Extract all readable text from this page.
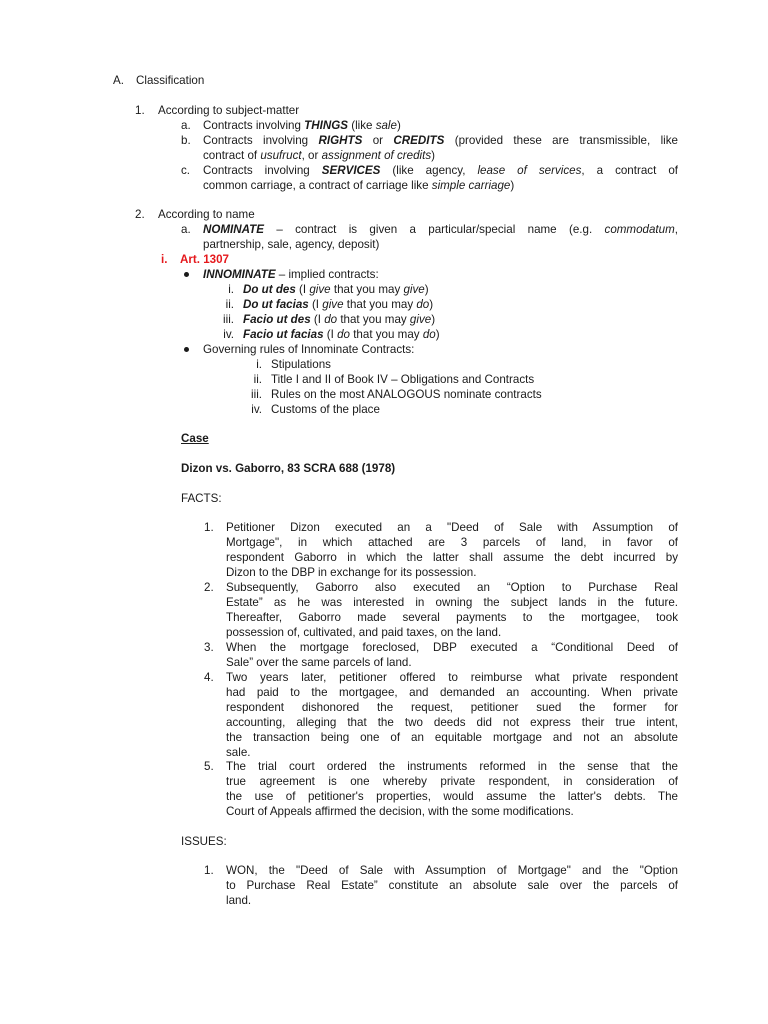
A. Classification
1. According to subject-matter
a. Contracts involving THINGS (like sale)
b. Contracts involving RIGHTS or CREDITS (provided these are transmissible, like
contract of usufruct, or assignment of credits)
c. Contracts involving SERVICES (like agency, lease of services, a contract of
common carriage, a contract of carriage like simple carriage)
2. According to name
a. NOMINATE – contract is given a particular/special name (e.g. commodatum,
partnership, sale, agency, deposit)
i. Art. 1307
INNOMINATE – implied contracts:
i. Do ut des (I give that you may give)
ii. Do ut facias (I give that you may do)
iii. Facio ut des (I do that you may give)
iv. Facio ut facias (I do that you may do)
Governing rules of Innominate Contracts:
i. Stipulations
ii. Title I and II of Book IV – Obligations and Contracts
iii. Rules on the most ANALOGOUS nominate contracts
iv. Customs of the place
Case
Dizon vs. Gaborro, 83 SCRA 688 (1978)
FACTS:
1. Petitioner Dizon executed an a "Deed of Sale with Assumption of
Mortgage", in which attached are 3 parcels of land, in favor of
respondent Gaborro in which the latter shall assume the debt incurred by
Dizon to the DBP in exchange for its possession.
2. Subsequently, Gaborro also executed an “Option to Purchase Real
Estate” as he was interested in owning the subject lands in the future.
Thereafter, Gaborro made several payments to the mortgagee, took
possession of, cultivated, and paid taxes, on the land.
3. When the mortgage foreclosed, DBP executed a “Conditional Deed of
Sale” over the same parcels of land.
4. Two years later, petitioner offered to reimburse what private respondent
had paid to the mortgagee, and demanded an accounting. When private
respondent dishonored the request, petitioner sued the former for
accounting, alleging that the two deeds did not express their true intent,
the transaction being one of an equitable mortgage and not an absolute
sale.
5. The trial court ordered the instruments reformed in the sense that the
true agreement is one whereby private respondent, in consideration of
the use of petitioner's properties, would assume the latter's debts. The
Court of Appeals affirmed the decision, with the some modifications.
ISSUES:
1. WON, the "Deed of Sale with Assumption of Mortgage" and the "Option
to Purchase Real Estate” constitute an absolute sale over the parcels of
land.
